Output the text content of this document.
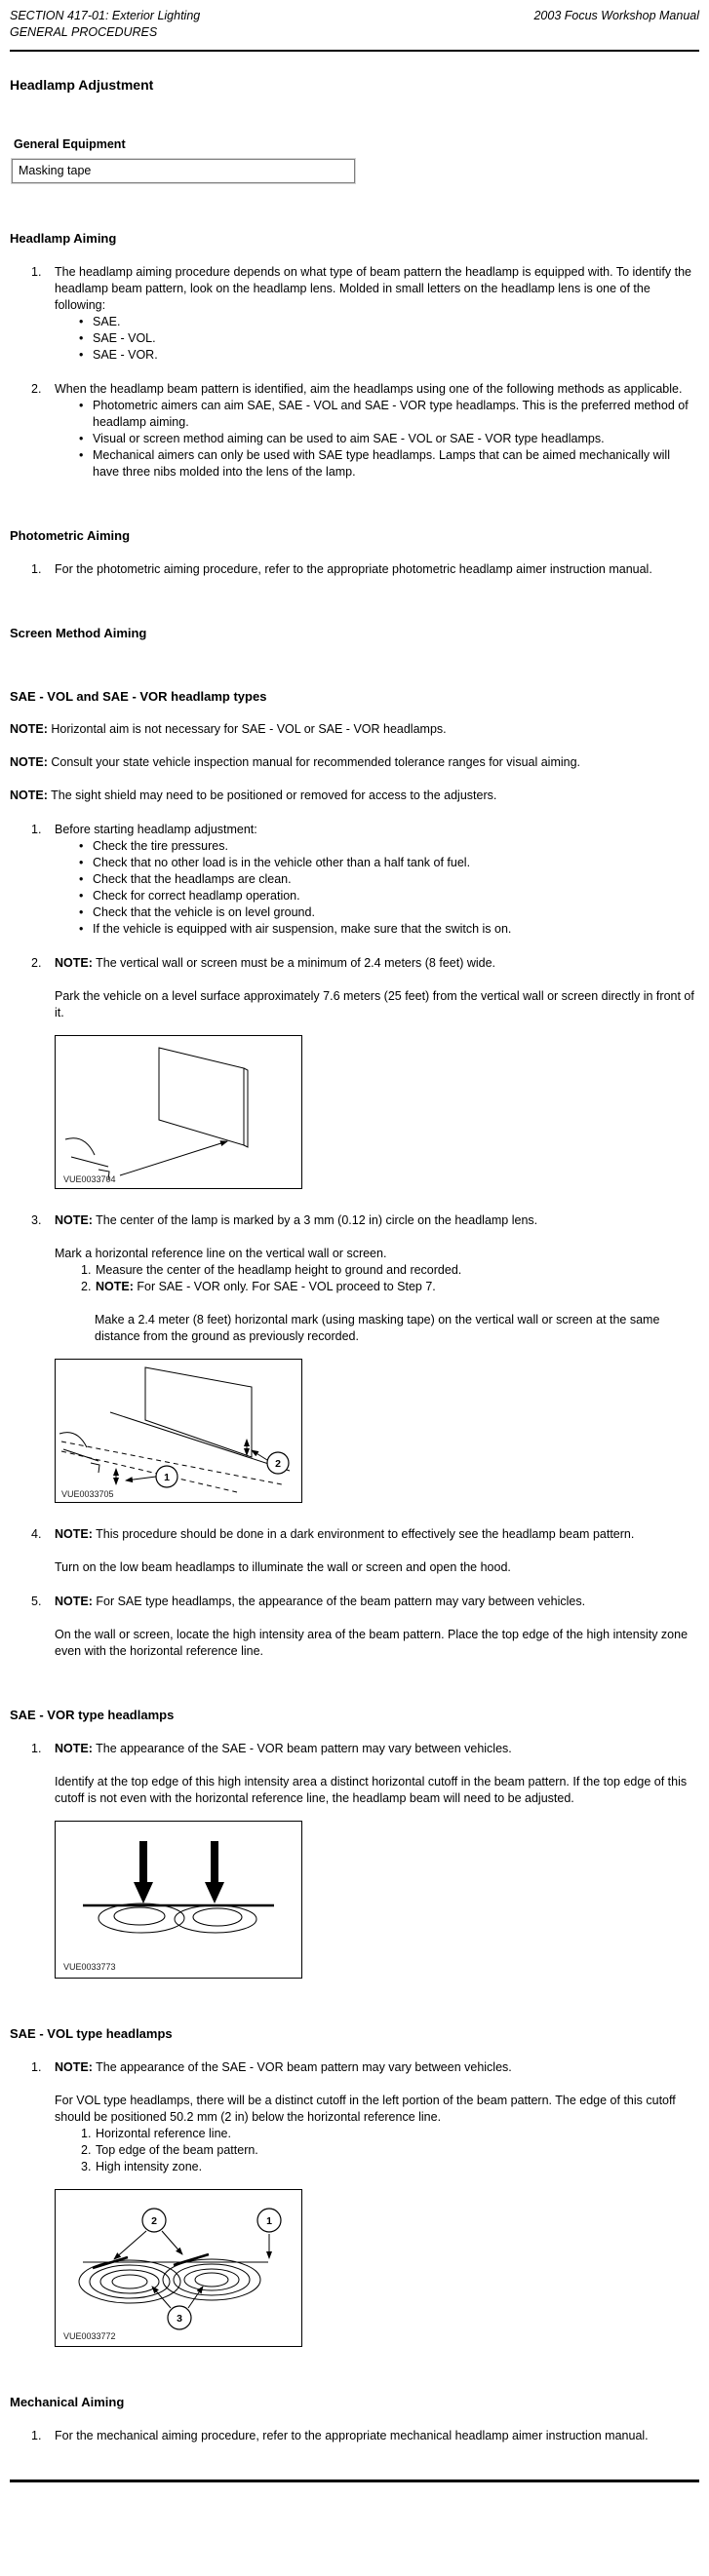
SECTION 417-01: Exterior Lighting	2003 Focus Workshop Manual
GENERAL PROCEDURES
Headlamp Adjustment
General Equipment
Masking tape
Headlamp Aiming
1.	The headlamp aiming procedure depends on what type of beam pattern the headlamp is equipped with. To identify the headlamp beam pattern, look on the headlamp lens. Molded in small letters on the headlamp lens is one of the following:
• SAE.
• SAE - VOL.
• SAE - VOR.
2.	When the headlamp beam pattern is identified, aim the headlamps using one of the following methods as applicable.
• Photometric aimers can aim SAE, SAE - VOL and SAE - VOR type headlamps. This is the preferred method of headlamp aiming.
• Visual or screen method aiming can be used to aim SAE - VOL or SAE - VOR type headlamps.
• Mechanical aimers can only be used with SAE type headlamps. Lamps that can be aimed mechanically will have three nibs molded into the lens of the lamp.
Photometric Aiming
1.	For the photometric aiming procedure, refer to the appropriate photometric headlamp aimer instruction manual.
Screen Method Aiming
SAE - VOL and SAE - VOR headlamp types
NOTE: Horizontal aim is not necessary for SAE - VOL or SAE - VOR headlamps.
NOTE: Consult your state vehicle inspection manual for recommended tolerance ranges for visual aiming.
NOTE: The sight shield may need to be positioned or removed for access to the adjusters.
1.	Before starting headlamp adjustment:
• Check the tire pressures.
• Check that no other load is in the vehicle other than a half tank of fuel.
• Check that the headlamps are clean.
• Check for correct headlamp operation.
• Check that the vehicle is on level ground.
• If the vehicle is equipped with air suspension, make sure that the switch is on.
2.	NOTE: The vertical wall or screen must be a minimum of 2.4 meters (8 feet) wide.
Park the vehicle on a level surface approximately 7.6 meters (25 feet) from the vertical wall or screen directly in front of it.
VUE0033704
3.	NOTE: The center of the lamp is marked by a 3 mm (0.12 in) circle on the headlamp lens.
Mark a horizontal reference line on the vertical wall or screen.
1. Measure the center of the headlamp height to ground and recorded.
2. NOTE: For SAE - VOR only. For SAE - VOL proceed to Step 7.
Make a 2.4 meter (8 feet) horizontal mark (using masking tape) on the vertical wall or screen at the same distance from the ground as previously recorded.
1
2
VUE0033705
4.	NOTE: This procedure should be done in a dark environment to effectively see the headlamp beam pattern.
Turn on the low beam headlamps to illuminate the wall or screen and open the hood.
5.	NOTE: For SAE type headlamps, the appearance of the beam pattern may vary between vehicles.
On the wall or screen, locate the high intensity area of the beam pattern. Place the top edge of the high intensity zone even with the horizontal reference line.
SAE - VOR type headlamps
1.	NOTE: The appearance of the SAE - VOR beam pattern may vary between vehicles.
Identify at the top edge of this high intensity area a distinct horizontal cutoff in the beam pattern. If the top edge of this cutoff is not even with the horizontal reference line, the headlamp beam will need to be adjusted.
VUE0033773
SAE - VOL type headlamps
1.	NOTE: The appearance of the SAE - VOR beam pattern may vary between vehicles.
For VOL type headlamps, there will be a distinct cutoff in the left portion of the beam pattern. The edge of this cutoff should be positioned 50.2 mm (2 in) below the horizontal reference line.
1. Horizontal reference line.
2. Top edge of the beam pattern.
3. High intensity zone.
2	1
3
VUE0033772
Mechanical Aiming
1.	For the mechanical aiming procedure, refer to the appropriate mechanical headlamp aimer instruction manual.
